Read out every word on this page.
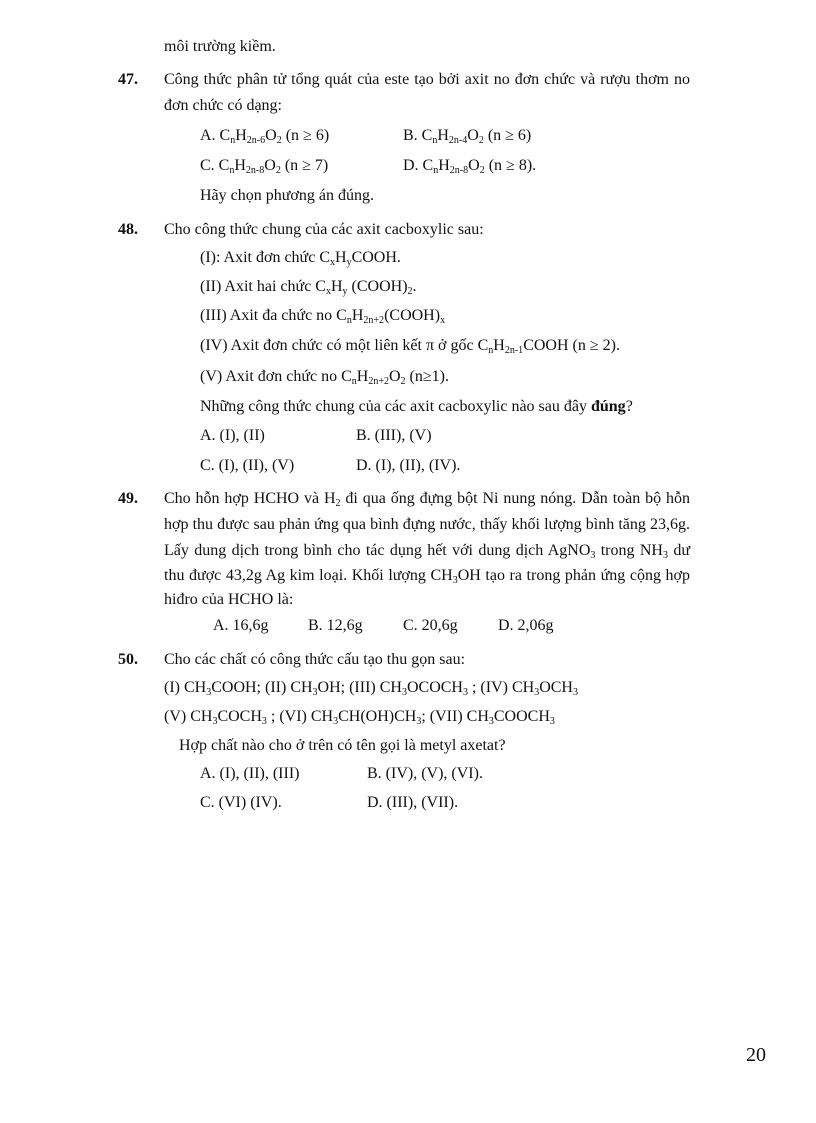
môi trường kiềm.
47. Công thức phân tử tổng quát của este tạo bởi axit no đơn chức và rượu thơm no
đơn chức có dạng:
A. $C_nH_{2n-6}O_2$ (n ≥ 6)	B. $C_nH_{2n-4}O_2$ (n ≥ 6)
C. $C_nH_{2n-8}O_2$ (n ≥ 7)	D. $C_nH_{2n-8}O_2$ (n ≥ 8).
Hãy chọn phương án đúng.
48. Cho công thức chung của các axit cacboxylic sau:
(I): Axit đơn chức $C_xH_yCOOH$.
(II) Axit hai chức $C_xH_y$ $(COOH)_2$.
(III) Axit đa chức no $C_nH_{2n+2}(COOH)_x$
(IV) Axit đơn chức có một liên kết π ở gốc $C_nH_{2n-1}COOH$ (n ≥ 2).
(V) Axit đơn chức no $C_nH_{2n+2}O_2$ (n≥1).
Những công thức chung của các axit cacboxylic nào sau đây đúng?
A. (I), (II)	B. (III), (V)
C. (I), (II), (V)	D. (I), (II), (IV).
49. Cho hỗn hợp HCHO và $H_2$ đi qua ống đựng bột Ni nung nóng. Dẫn toàn bộ hỗn
hợp thu được sau phản ứng qua bình đựng nước, thấy khối lượng bình tăng 23,6g.
Lấy dung dịch trong bình cho tác dụng hết với dung dịch AgNO$_3$ trong $NH_3$ dư
thu được 43,2g Ag kim loại. Khối lượng $CH_3OH$ tạo ra trong phản ứng cộng hợp
hiđro của HCHO là:
A. 16,6g B. 12,6g	C. 20,6g	D. 2,06g
50. Cho các chất có công thức cấu tạo thu gọn sau:
(I) $CH_3COOH$; (II) $CH_3OH$; (III) $CH_3OCOCH_3$ ; (IV) $CH_3OCH_3$
(V) $CH_3COCH_3$ ; (VI) $CH_3CH(OH)CH_3$; (VII) $CH_3COOCH_3$
Hợp chất nào cho ở trên có tên gọi là metyl axetat?
A. (I), (II), (III)	B. (IV), (V), (VI).
C. (VI) (IV).	D. (III), (VII).
20
